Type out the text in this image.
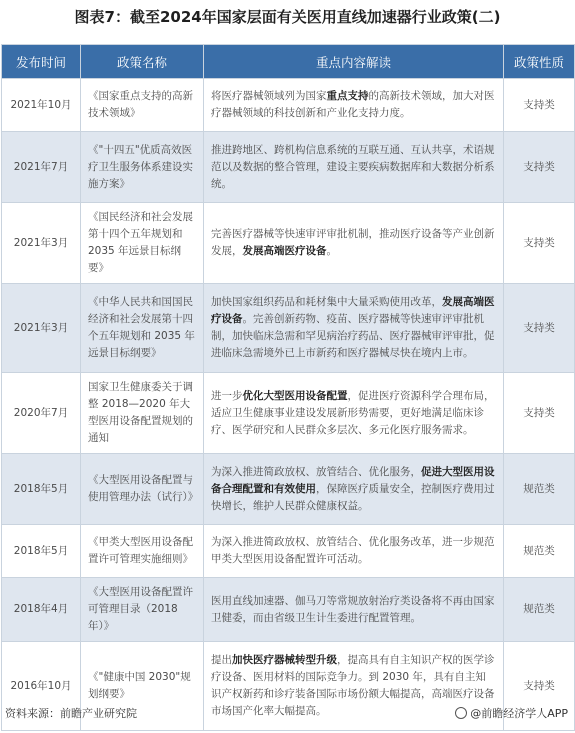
图表7：截至2024年国家层面有关医用直线加速器行业政策(二)
发布时间	政策名称	重点内容解读	政策性质
2021年10月	《国家重点支持的高新技术领域》	将医疗器械领域列为国家重点支持的高新技术领域，加大对医疗器械领域的科技创新和产业化支持力度。	支持类
2021年7月	《"十四五"优质高效医疗卫生服务体系建设实施方案》	推进跨地区、跨机构信息系统的互联互通、互认共享，术语规范以及数据的整合管理，建设主要疾病数据库和大数据分析系统。	支持类
2021年3月	《国民经济和社会发展第十四个五年规划和 2035 年远景目标纲要》	完善医疗器械等快速审评审批机制，推动医疗设备等产业创新发展，发展高端医疗设备。	支持类
2021年3月	《中华人民共和国国民经济和社会发展第十四个五年规划和 2035 年远景目标纲要》	加快国家组织药品和耗材集中大量采购使用改革，发展高端医疗设备。完善创新药物、疫苗、医疗器械等快速审评审批机制，加快临床急需和罕见病治疗药品、医疗器械审评审批，促进临床急需境外已上市新药和医疗器械尽快在境内上市。	支持类
2020年7月	国家卫生健康委关于调整 2018—2020 年大型医用设备配置规划的通知	进一步优化大型医用设备配置，促进医疗资源科学合理布局，适应卫生健康事业建设发展新形势需要，更好地满足临床诊疗、医学研究和人民群众多层次、多元化医疗服务需求。	支持类
2018年5月	《大型医用设备配置与使用管理办法（试行）》	为深入推进简政放权、放管结合、优化服务，促进大型医用设备合理配置和有效使用，保障医疗质量安全，控制医疗费用过快增长，维护人民群众健康权益。	规范类
2018年5月	《甲类大型医用设备配置许可管理实施细则》	为深入推进简政放权、放管结合、优化服务改革，进一步规范甲类大型医用设备配置许可活动。	规范类
2018年4月	《大型医用设备配置许可管理目录（2018 年）》	医用直线加速器、伽马刀等常规放射治疗类设备将不再由国家卫健委，而由省级卫生计生委进行配置管理。	规范类
2016年10月	《"健康中国 2030"规划纲要》	提出加快医疗器械转型升级，提高具有自主知识产权的医学诊疗设备、医用材料的国际竞争力。到 2030 年，具有自主知识产权新药和诊疗装备国际市场份额大幅提高，高端医疗设备市场国产化率大幅提高。	支持类
资料来源：前瞻产业研究院	@前瞻经济学人APP
